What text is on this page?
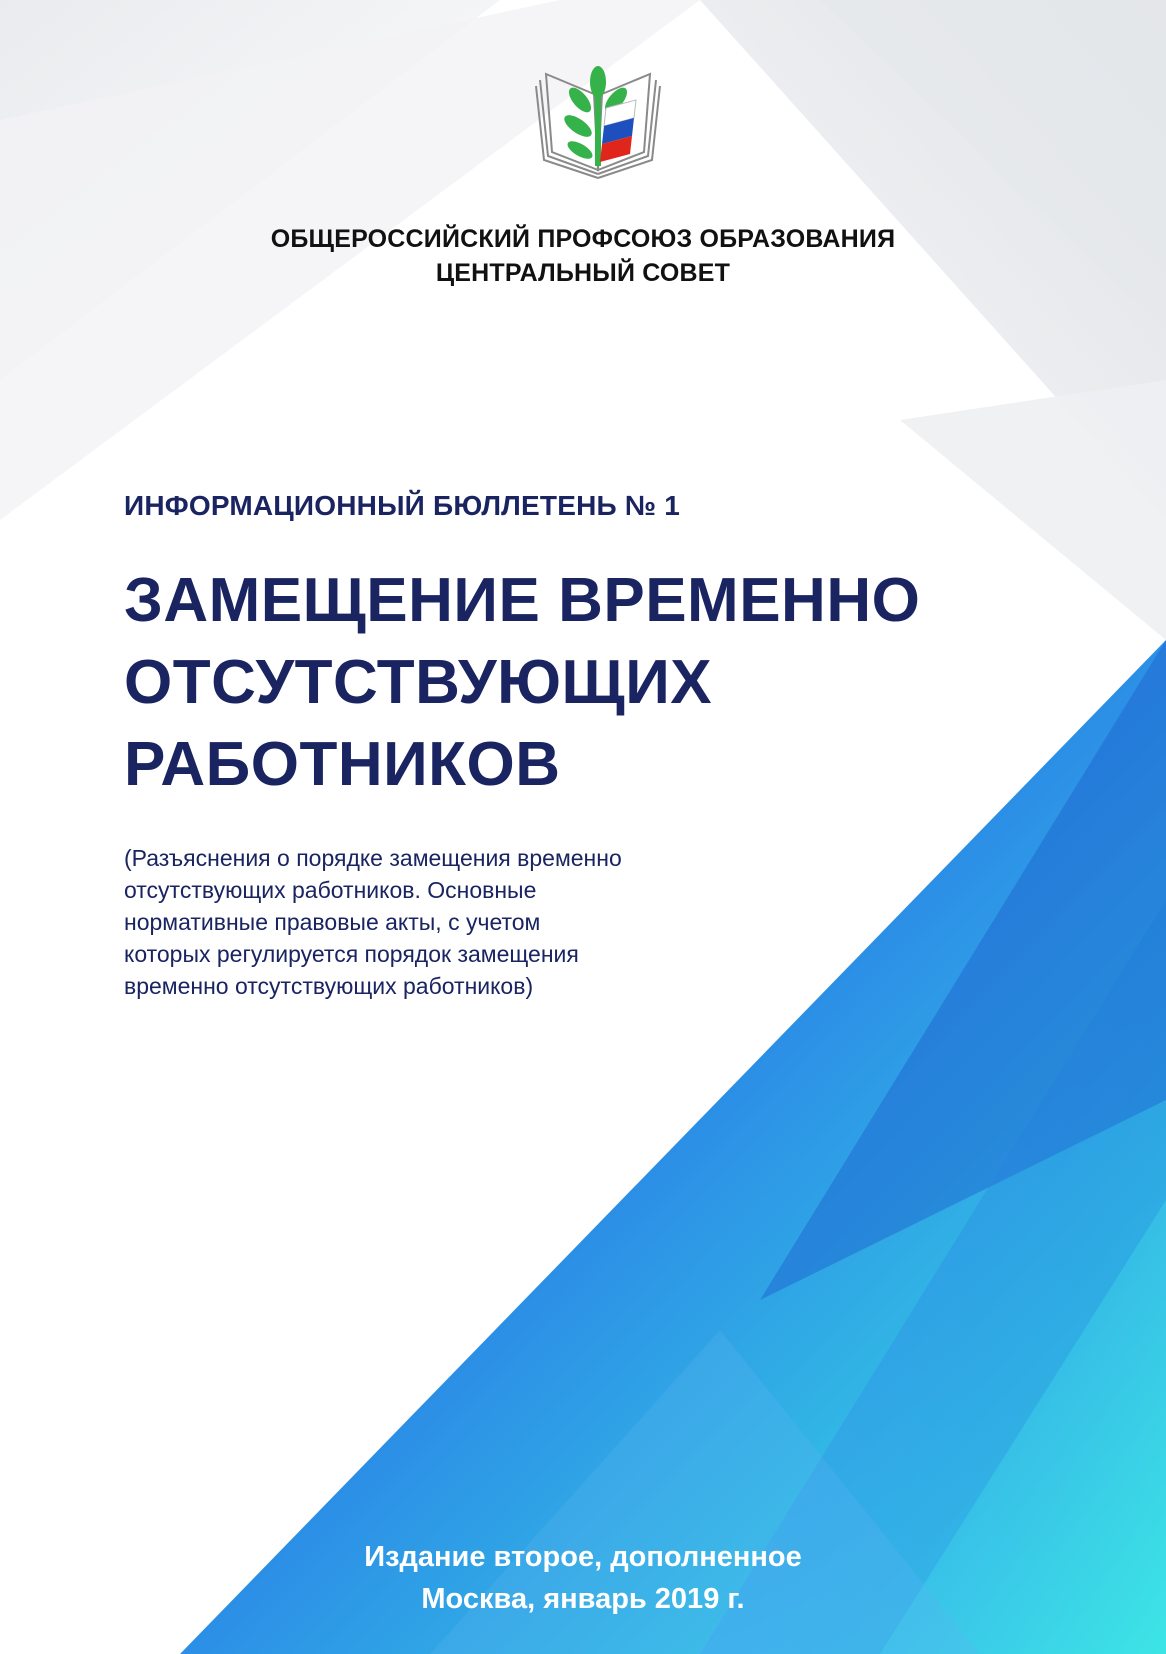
ОБЩЕРОССИЙСКИЙ ПРОФСОЮЗ ОБРАЗОВАНИЯ
ЦЕНТРАЛЬНЫЙ СОВЕТ
ИНФОРМАЦИОННЫЙ БЮЛЛЕТЕНЬ № 1
ЗАМЕЩЕНИЕ ВРЕМЕННО
ОТСУТСТВУЮЩИХ
РАБОТНИКОВ
(Разъяснения о порядке замещения временно
отсутствующих работников. Основные
нормативные правовые акты, с учетом
которых регулируется порядок замещения
временно отсутствующих работников)
Издание второе, дополненное
Москва, январь 2019 г.
